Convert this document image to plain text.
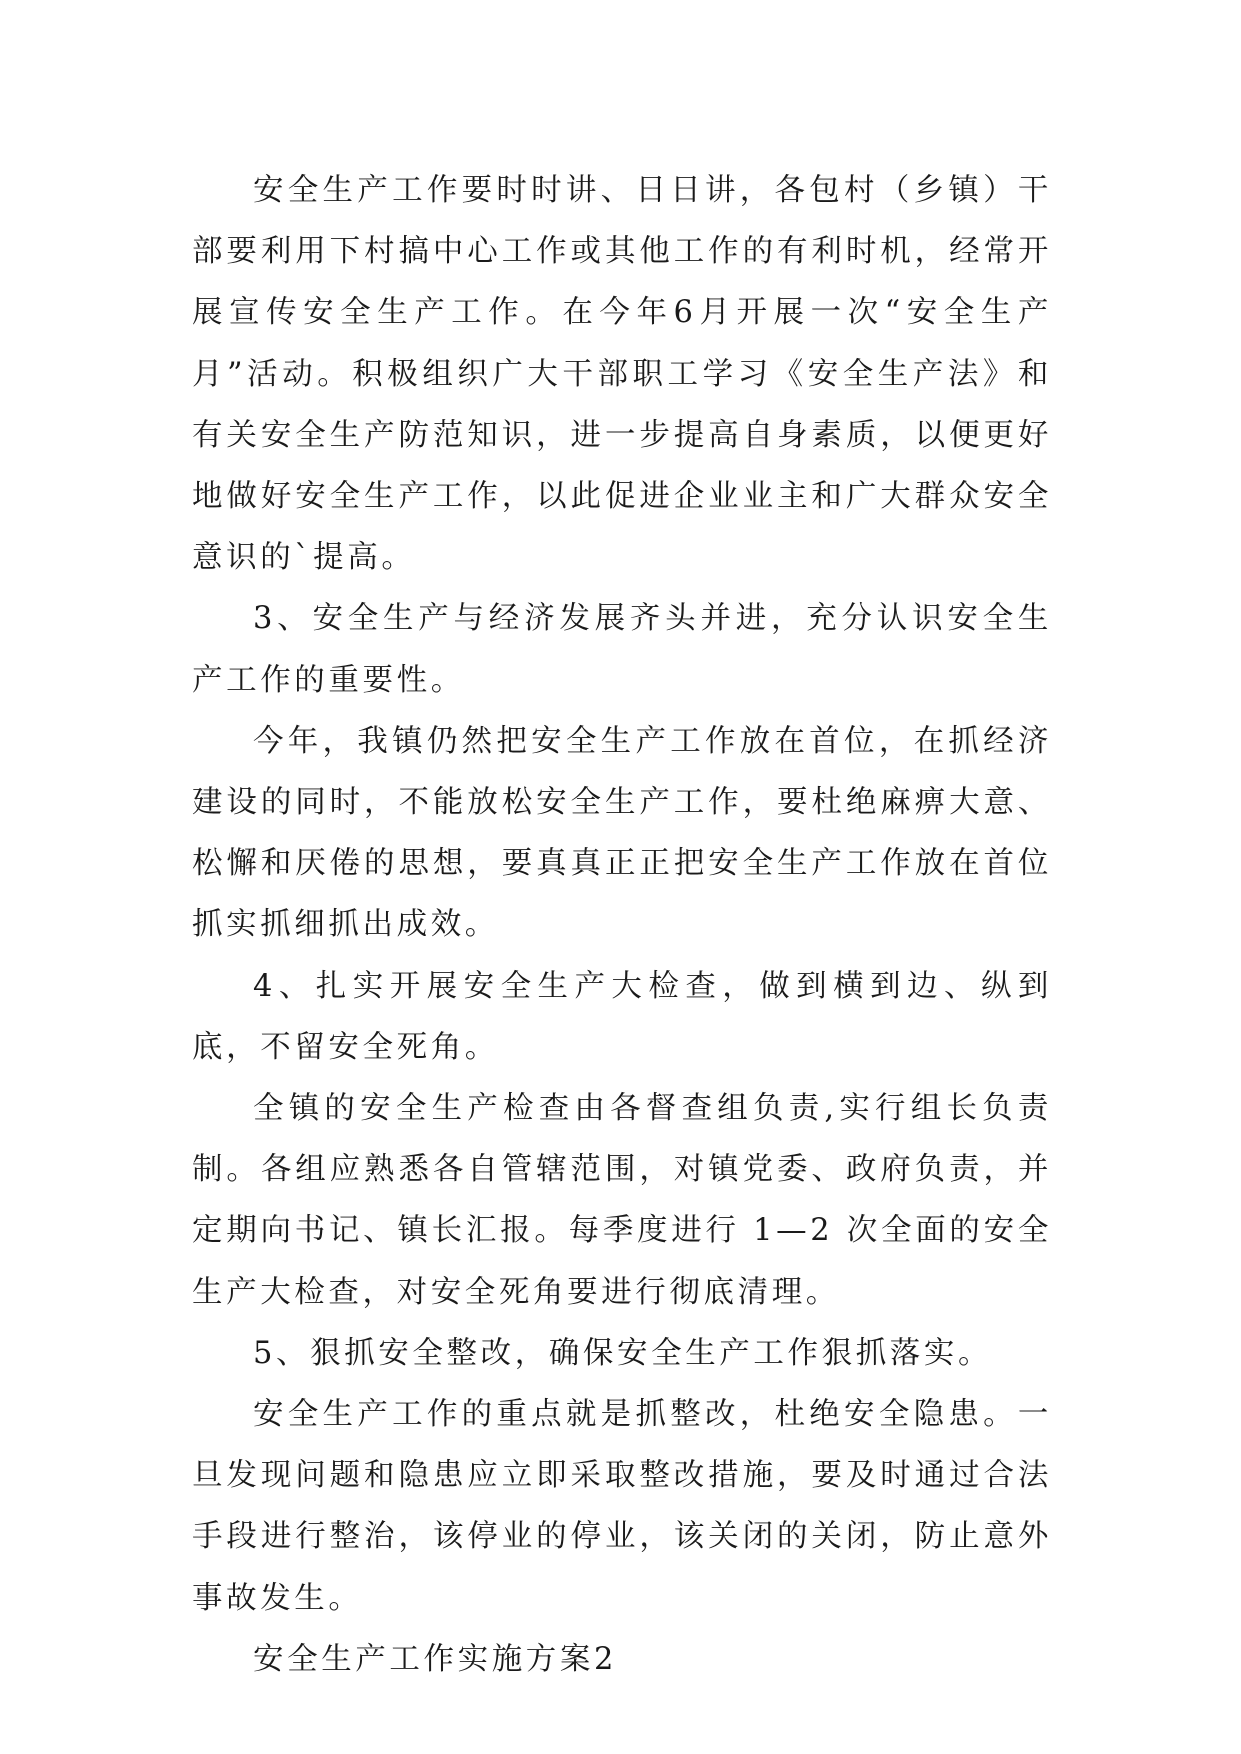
安全生产工作要时时讲、日日讲，各包村（乡镇）干部要利用下村搞中心工作或其他工作的有利时机，经常开展宣传安全生产工作。在今年6月开展一次“安全生产月”活动。积极组织广大干部职工学习《安全生产法》和有关安全生产防范知识，进一步提高自身素质，以便更好地做好安全生产工作，以此促进企业业主和广大群众安全意识的`提高。

3、安全生产与经济发展齐头并进，充分认识安全生产工作的重要性。

今年，我镇仍然把安全生产工作放在首位，在抓经济建设的同时，不能放松安全生产工作，要杜绝麻痹大意、松懈和厌倦的思想，要真真正正把安全生产工作放在首位抓实抓细抓出成效。

4、扎实开展安全生产大检查，做到横到边、纵到底，不留安全死角。

全镇的安全生产检查由各督查组负责,实行组长负责制。各组应熟悉各自管辖范围，对镇党委、政府负责，并定期向书记、镇长汇报。每季度进行 1—2 次全面的安全生产大检查，对安全死角要进行彻底清理。

5、狠抓安全整改，确保安全生产工作狠抓落实。

安全生产工作的重点就是抓整改，杜绝安全隐患。一旦发现问题和隐患应立即采取整改措施，要及时通过合法手段进行整治，该停业的停业，该关闭的关闭，防止意外事故发生。

安全生产工作实施方案2
